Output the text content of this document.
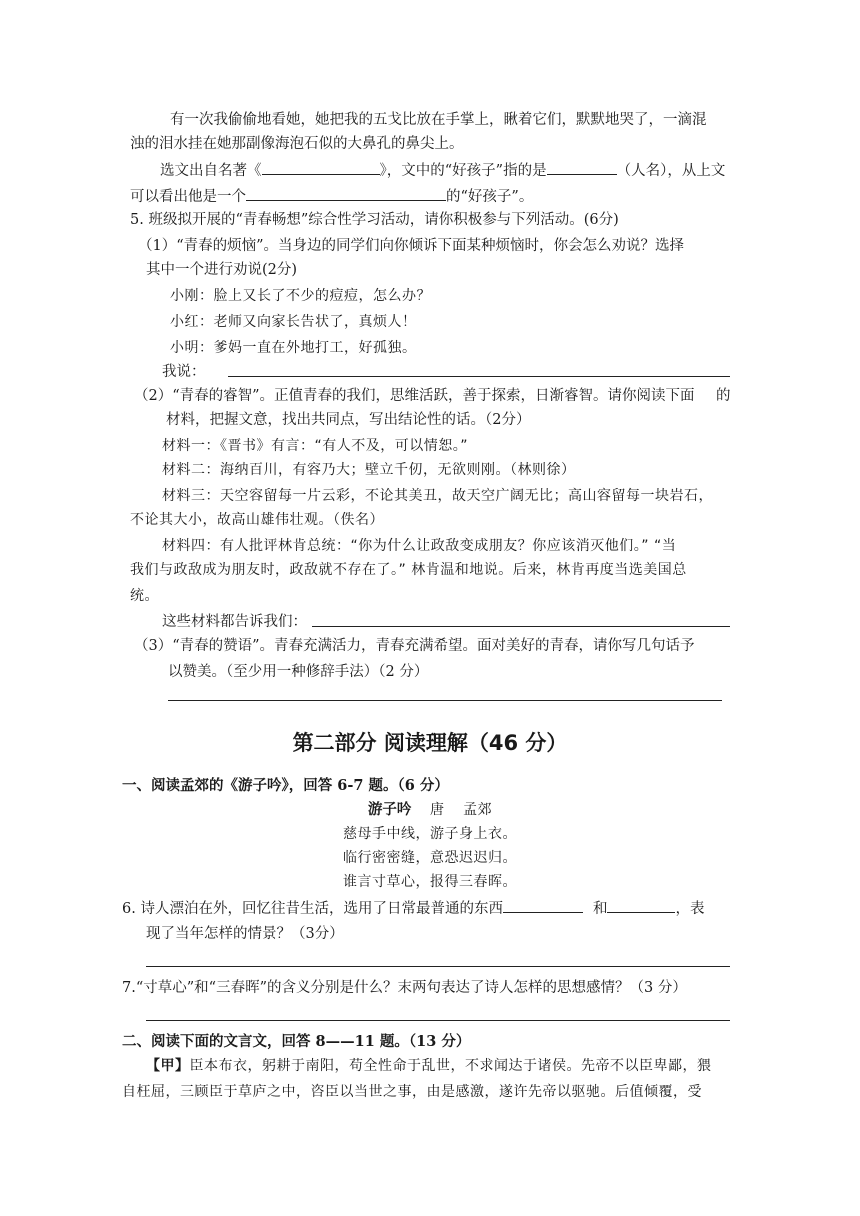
有一次我偷偷地看她，她把我的五戈比放在手掌上，瞅着它们，默默地哭了，一滴混
浊的泪水挂在她那副像海泡石似的大鼻孔的鼻尖上。
选文出自名著《	》，文中的“好孩子”指的是	（人名），从上文
可以看出他是一个	的“好孩子”。
5. 班级拟开展的“青春畅想”综合性学习活动，请你积极参与下列活动。(6分)
（1）“青春的烦恼”。当身边的同学们向你倾诉下面某种烦恼时，你会怎么劝说？选择
其中一个进行劝说(2分)
小刚：脸上又长了不少的痘痘，怎么办？
小红：老师又向家长告状了，真烦人！
小明：爹妈一直在外地打工，好孤独。
我说：
（2）“青春的睿智”。正值青春的我们，思维活跃，善于探索，日渐睿智。请你阅读下面 的
材料，把握文意，找出共同点，写出结论性的话。（2分）
材料一：《晋书》有言：“有人不及，可以情恕。”
材料二：海纳百川，有容乃大；壁立千仞，无欲则刚。（林则徐）
材料三：天空容留每一片云彩，不论其美丑，故天空广阔无比；高山容留每一块岩石，
不论其大小，故高山雄伟壮观。（佚名）
材料四：有人批评林肯总统：“你为什么让政敌变成朋友？你应该消灭他们。” “当
我们与政敌成为朋友时，政敌就不存在了。” 林肯温和地说。后来，林肯再度当选美国总
统。
这些材料都告诉我们：
（3）“青春的赞语”。青春充满活力，青春充满希望。面对美好的青春，请你写几句话予
以赞美。（至少用一种修辞手法）（2 分）
第二部分 阅读理解（46 分）
一、阅读孟郊的《游子吟》，回答 6-7 题。（6 分）
游子吟 唐 孟郊
慈母手中线，游子身上衣。
临行密密缝，意恐迟迟归。
谁言寸草心，报得三春晖。
6. 诗人漂泊在外，回忆往昔生活，选用了日常最普通的东西	和	，表
现了当年怎样的情景？（3分）
7.“寸草心”和“三春晖”的含义分别是什么？末两句表达了诗人怎样的思想感情？（3 分）
二、阅读下面的文言文，回答 8——11 题。（13 分）
【甲】臣本布衣，躬耕于南阳，苟全性命于乱世，不求闻达于诸侯。先帝不以臣卑鄙，猥
自枉屈，三顾臣于草庐之中，咨臣以当世之事，由是感激，遂许先帝以驱驰。后值倾覆，受
